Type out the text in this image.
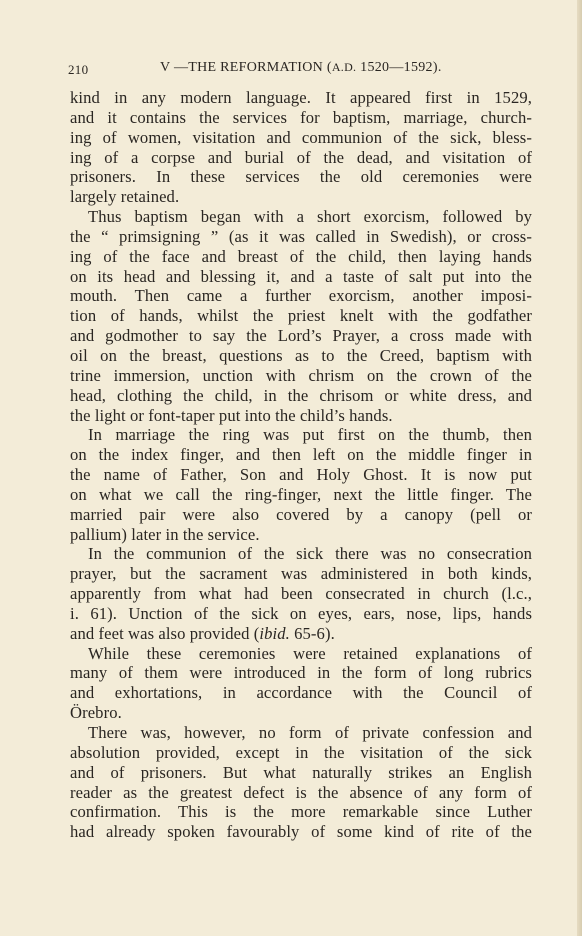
210	V —THE REFORMATION (A.D. 1520—1592).
kind in any modern language. It appeared first in 1529,
and it contains the services for baptism, marriage, church-
ing of women, visitation and communion of the sick, bless-
ing of a corpse and burial of the dead, and visitation of
prisoners. In these services the old ceremonies were
largely retained.
Thus baptism began with a short exorcism, followed by
the “ primsigning ” (as it was called in Swedish), or cross-
ing of the face and breast of the child, then laying hands
on its head and blessing it, and a taste of salt put into the
mouth. Then came a further exorcism, another imposi-
tion of hands, whilst the priest knelt with the godfather
and godmother to say the Lord’s Prayer, a cross made with
oil on the breast, questions as to the Creed, baptism with
trine immersion, unction with chrism on the crown of the
head, clothing the child, in the chrisom or white dress, and
the light or font-taper put into the child’s hands.
In marriage the ring was put first on the thumb, then
on the index finger, and then left on the middle finger in
the name of Father, Son and Holy Ghost. It is now put
on what we call the ring-finger, next the little finger. The
married pair were also covered by a canopy (pell or
pallium) later in the service.
In the communion of the sick there was no consecration
prayer, but the sacrament was administered in both kinds,
apparently from what had been consecrated in church (l.c.,
i. 61). Unction of the sick on eyes, ears, nose, lips, hands
and feet was also provided (ibid. 65-6).
While these ceremonies were retained explanations of
many of them were introduced in the form of long rubrics
and exhortations, in accordance with the Council of
Örebro.
There was, however, no form of private confession and
absolution provided, except in the visitation of the sick
and of prisoners. But what naturally strikes an English
reader as the greatest defect is the absence of any form of
confirmation. This is the more remarkable since Luther
had already spoken favourably of some kind of rite of the
